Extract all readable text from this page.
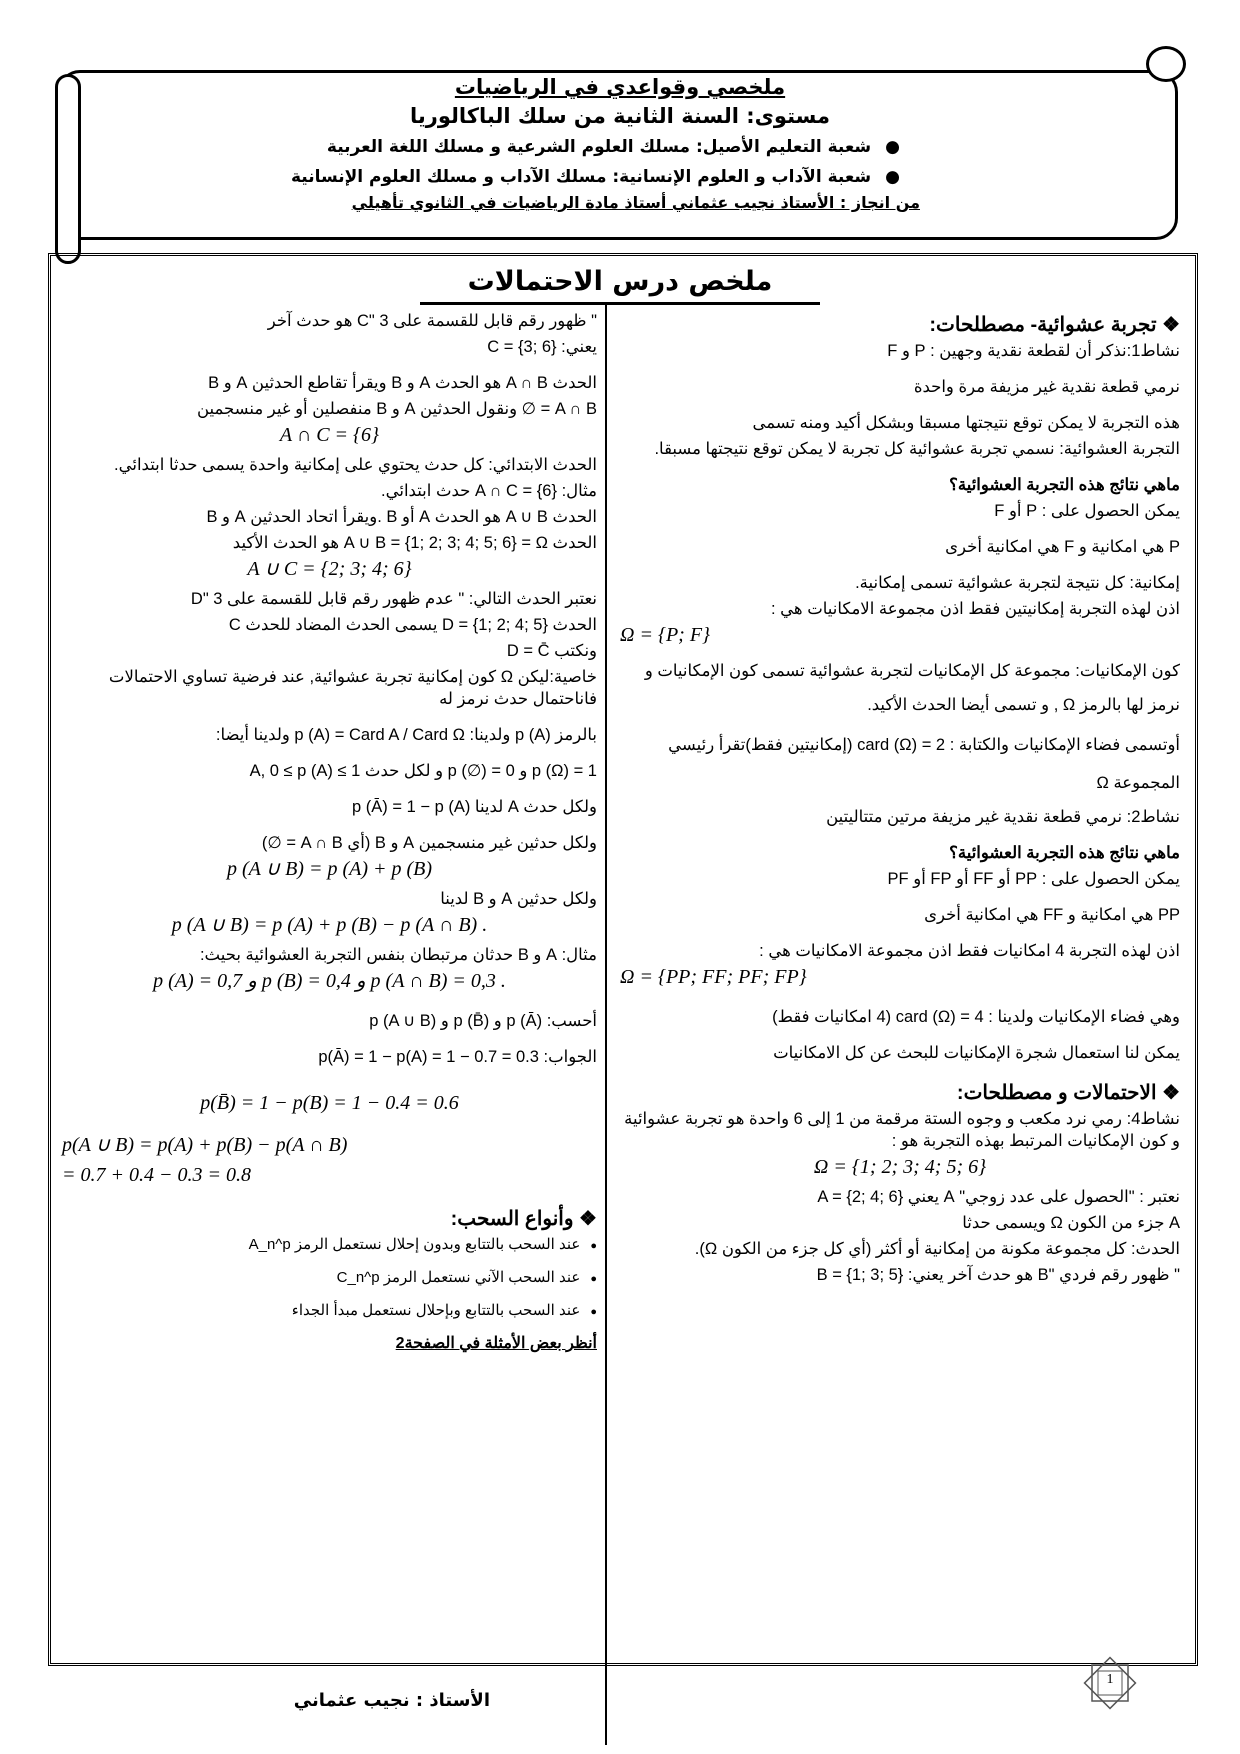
ملخصي وقواعدي في الرياضيات

مستوى: السنة الثانية من سلك الباكالوريا

●شعبة التعليم الأصيل: مسلك العلوم الشرعية و مسلك اللغة العربية
●شعبة الآداب و العلوم الإنسانية: مسلك الآداب و مسلك العلوم الإنسانية
من انجاز : الأستاذ نجيب عثماني أستاذ مادة الرياضيات في الثانوي تأهيلي
ملخص درس الاحتمالات

❖ تجربة عشوائية- مصطلحات:

نشاط1:نذكر أن لقطعة نقدية وجهين : P و F

نرمي قطعة نقدية غير مزيفة مرة واحدة

هذه التجربة لا يمكن توقع نتيجتها مسبقا وبشكل أكيد ومنه تسمى

التجربة العشوائية: نسمي تجربة عشوائية كل تجربة لا يمكن توقع نتيجتها مسبقا.

ماهي نتائج هذه التجربة العشوائية؟

يمكن الحصول على : P أو F

P هي امكانية و F هي امكانية أخرى

إمكانية: كل نتيجة لتجربة عشوائية تسمى إمكانية.

اذن لهذه التجربة إمكانيتين فقط اذن مجموعة الامكانيات هي :

Ω = {P; F}

كون الإمكانيات: مجموعة كل الإمكانيات لتجربة عشوائية تسمى كون الإمكانيات و نرمز لها بالرمز Ω , و تسمى أيضا الحدث الأكيد.

أوتسمى فضاء الإمكانيات والكتابة : card (Ω) = 2 (إمكانيتين فقط)تقرأ رئيسي المجموعة Ω

نشاط2: نرمي قطعة نقدية غير مزيفة مرتين متتاليتين

ماهي نتائج هذه التجربة العشوائية؟

يمكن الحصول على : PP أو FF أو FP أو PF

PP هي امكانية و FF هي امكانية أخرى

اذن لهذه التجربة 4 امكانيات فقط اذن مجموعة الامكانيات هي :

Ω = {PP; FF; PF; FP}

وهي فضاء الإمكانيات ولدينا : card (Ω) = 4 (4 امكانيات فقط)

يمكن لنا استعمال شجرة الإمكانيات للبحث عن كل الامكانيات

❖ الاحتمالات و مصطلحات:

نشاط4: رمي نرد مكعب و وجوه الستة مرقمة من 1 إلى 6 واحدة هو تجربة عشوائية و كون الإمكانيات المرتبط بهذه التجربة هو :

Ω = {1; 2; 3; 4; 5; 6}

نعتبر : "الحصول على عدد زوجي" A يعني A = {2; 4; 6}

A جزء من الكون Ω ويسمى حدثا

الحدث: كل مجموعة مكونة من إمكانية أو أكثر (أي كل جزء من الكون Ω).

" ظهور رقم فردي "B هو حدث آخر يعني: B = {1; 3; 5}

" ظهور رقم قابل للقسمة على 3 "C هو حدث آخر

يعني: C = {3; 6}

الحدث A ∩ B هو الحدث A و B ويقرأ تقاطع الحدثين A و B

A ∩ B = ∅ ونقول الحدثين A و B منفصلين أو غير منسجمين

A ∩ C = {6}

الحدث الابتدائي: كل حدث يحتوي على إمكانية واحدة يسمى حدثا ابتدائي.

مثال: A ∩ C = {6} حدث ابتدائي.

الحدث A ∪ B هو الحدث A أو B .ويقرأ اتحاد الحدثين A و B

الحدث A ∪ B = {1; 2; 3; 4; 5; 6} = Ω هو الحدث الأكيد

A ∪ C = {2; 3; 4; 6}

نعتبر الحدث التالي: " عدم ظهور رقم قابل للقسمة على 3 "D

الحدث D = {1; 2; 4; 5} يسمى الحدث المضاد للحدث C

ونكتب D = C̄

خاصية:ليكن Ω كون إمكانية تجربة عشوائية, عند فرضية تساوي الاحتمالات فاناحتمال حدث نرمز له

بالرمز p (A) ولدينا: p (A) = Card A / Card Ω ولدينا أيضا:

p (Ω) = 1 و p (∅) = 0 و لكل حدث A, 0 ≤ p (A) ≤ 1

ولكل حدث A لدينا p (Ā) = 1 − p (A)

ولكل حدثين غير منسجمين A و B (أي A ∩ B = ∅)

p (A ∪ B) = p (A) + p (B)

ولكل حدثين A و B لدينا

p (A ∪ B) = p (A) + p (B) − p (A ∩ B) .

مثال: A و B حدثان مرتبطان بنفس التجربة العشوائية بحيث:

p (A) = 0,7 و p (B) = 0,4 و p (A ∩ B) = 0,3 .

أحسب: p (Ā) و p (B̄) و p (A ∪ B)

الجواب: p(Ā) = 1 − p(A) = 1 − 0.7 = 0.3

p(B̄) = 1 − p(B) = 1 − 0.4 = 0.6

p(A ∪ B) = p(A) + p(B) − p(A ∩ B)

= 0.7 + 0.4 − 0.3 = 0.8

❖ وأنواع السحب:

● عند السحب بالتتابع وبدون إحلال نستعمل الرمز A_n^p
● عند السحب الآني نستعمل الرمز C_n^p
● عند السحب بالتتابع وبإحلال نستعمل مبدأ الجداء

أنظر بعض الأمثلة في الصفحة2

1
الأستاذ : نجيب عثماني
